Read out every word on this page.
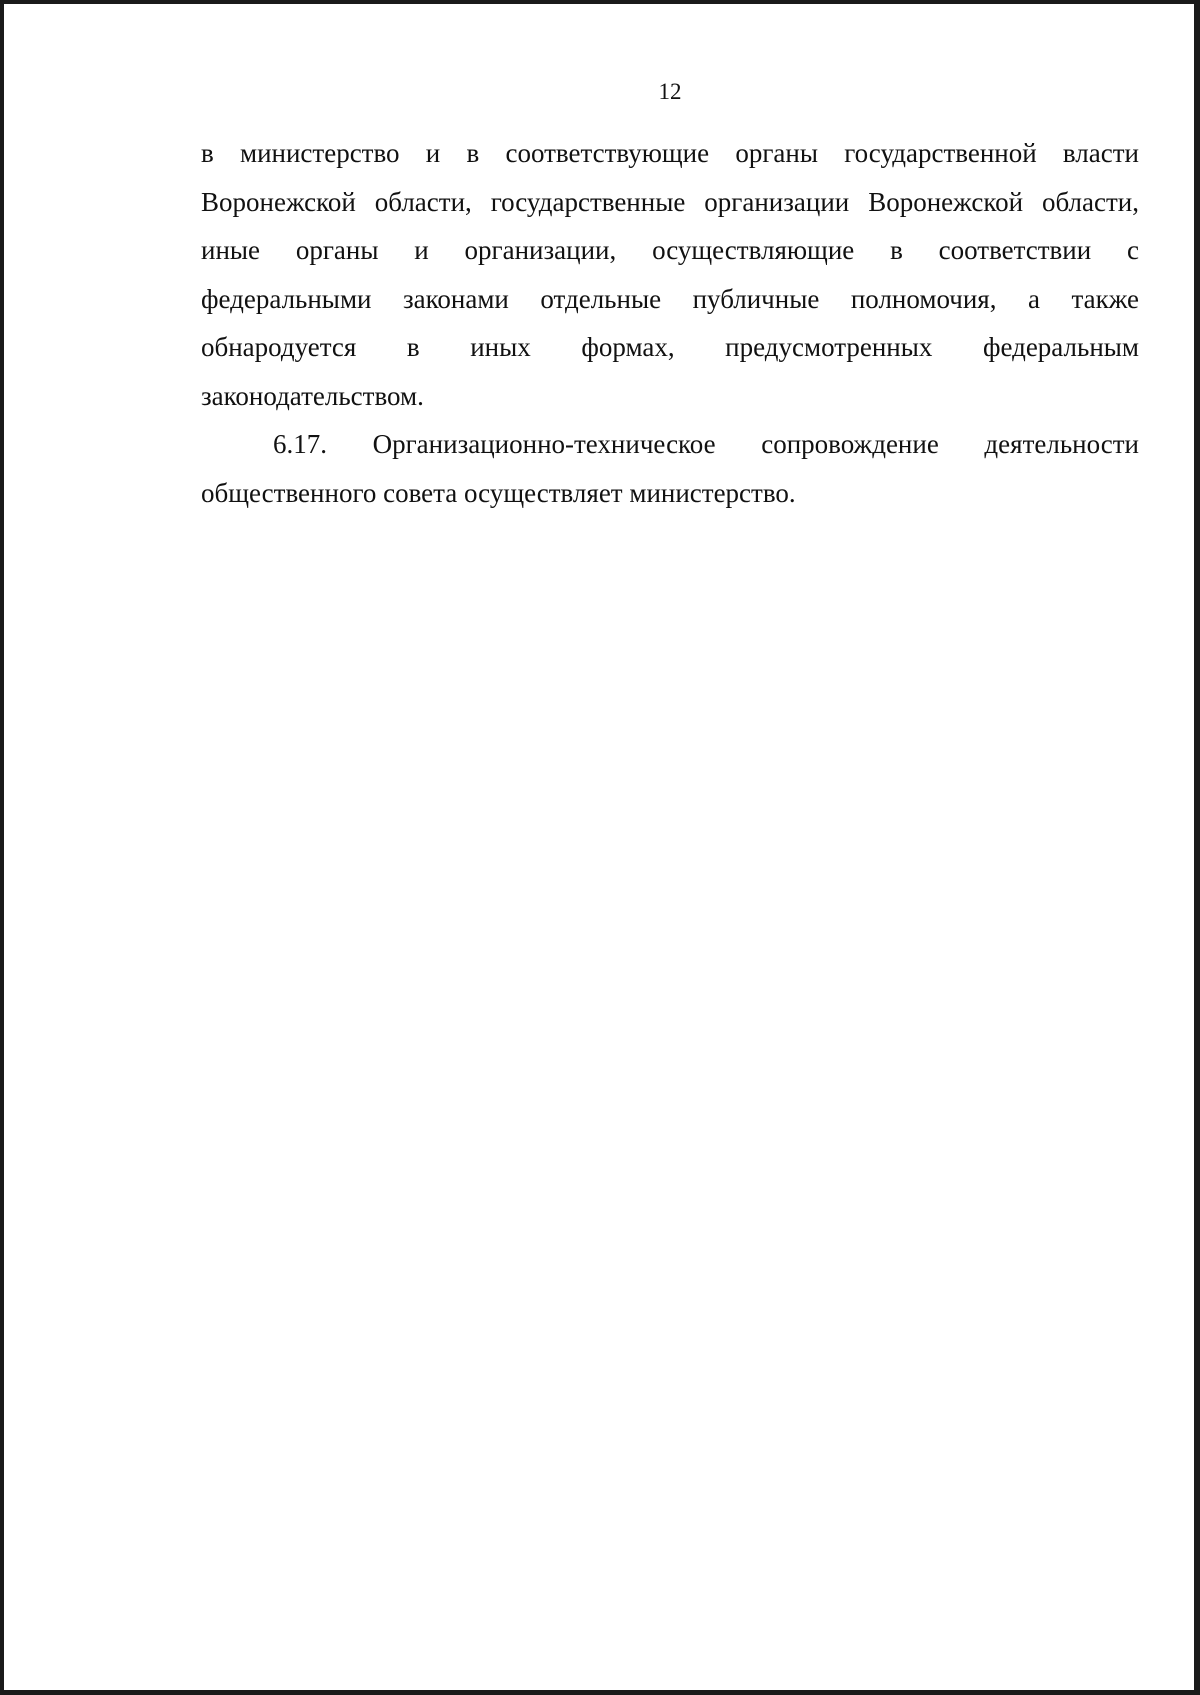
12

в министерство и в соответствующие органы государственной власти
Воронежской области, государственные организации Воронежской области,
иные органы и организации, осуществляющие в соответствии с
федеральными законами отдельные публичные полномочия, а также
обнародуется в иных формах, предусмотренных федеральным
законодательством.

6.17. Организационно-техническое сопровождение деятельности
общественного совета осуществляет министерство.
